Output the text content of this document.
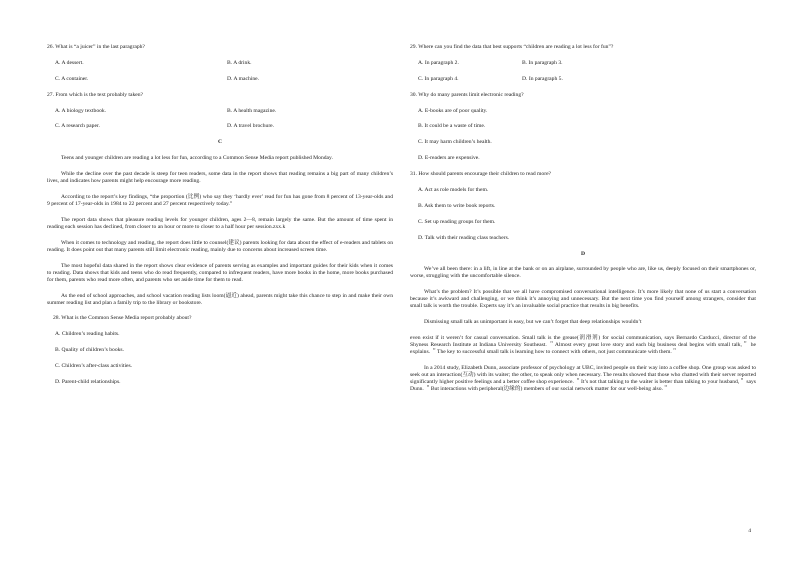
26. What is “a juicer” in the last paragraph?

A. A dessert.	B. A drink.
C. A container.	D. A machine.

27. From which is the text probably taken?

A. A biology textbook.	B. A health magazine.
C. A research paper.	D. A travel brochure.

C

Teens and younger children are reading a lot less for fun, according to a Common Sense Media report published Monday.

While the decline over the past decade is steep for teen readers, some data in the report shows that reading remains a big part of many children’s lives, and indicates how parents might help encourage more reading.

According to the report’s key findings, “the proportion (比例) who say they ‘hardly ever’ read for fun has gone from 8 percent of 13-year-olds and 9 percent of 17-year-olds in 1984 to 22 percent and 27 percent respectively today.”

The report data shows that pleasure reading levels for younger children, ages 2—8, remain largely the same. But the amount of time spent in reading each session has declined, from closer to an hour or more to closer to a half hour per session.zxx.k

When it comes to technology and reading, the report does little to counsel(建议) parents looking for data about the effect of e-readers and tablets on reading. It does point out that many parents still limit electronic reading, mainly due to concerns about increased screen time.

The most hopeful data shared in the report shows clear evidence of parents serving as examples and important guides for their kids when it comes to reading. Data shows that kids and teens who do read frequently, compared to infrequent readers, have more books in the home, more books purchased for them, parents who read more often, and parents who set aside time for them to read.

As the end of school approaches, and school vacation reading lists loom(逼近) ahead, parents might take this chance to step in and make their own summer reading list and plan a family trip to the library or bookstore.

28. What is the Common Sense Media report probably about?

A. Children’s reading habits.

B. Quality of children’s books.

C. Children’s after-class activities.

D. Parent-child relationships.

29. Where can you find the data that best supports “children are reading a lot less for fun”?

A. In paragraph 2.	B. In paragraph 3.
C. In paragraph 4.	D. In paragraph 5.

30. Why do many parents limit electronic reading?

A. E-books are of poor quality.

B. It could be a waste of time.

C. It may harm children’s health.

D. E-readers are expensive.

31. How should parents encourage their children to read more?

A. Act as role models for them.

B. Ask them to write book reports.

C. Set up reading groups for them.

D. Talk with their reading class teachers.

D

We’ve all been there: in a lift, in line at the bank or on an airplane, surrounded by people who are, like us, deeply focused on their smartphones or, worse, struggling with the uncomfortable silence.

What’s the problem? It’s possible that we all have compromised conversational intelligence. It’s more likely that none of us start a conversation because it’s awkward and challenging, or we think it’s annoying and unnecessary. But the next time you find yourself among strangers, consider that small talk is worth the trouble. Experts say it’s an invaluable social practice that results in big benefits.

Dismissing small talk as unimportant is easy, but we can’t forget that deep relationships wouldn’t

even exist if it weren’t for casual conversation. Small talk is the grease(润滑剂) for social communication, says Bernardo Carducci, director of the Shyness Research Institute at Indiana University Southeast. ＂Almost every great love story and each big business deal begins with small talk,＂ he explains. ＂The key to successful small talk is learning how to connect with others, not just communicate with them.＂

In a 2014 study, Elizabeth Dunn, associate professor of psychology at UBC, invited people on their way into a coffee shop. One group was asked to seek out an interaction(互动) with its waiter; the other, to speak only when necessary. The results showed that those who chatted with their server reported significantly higher positive feelings and a better coffee shop experience. ＂It’s not that talking to the waiter is better than talking to your husband,＂ says Dunn. ＂But interactions with peripheral(边缘的) members of our social network matter for our well-being also.＂

4
